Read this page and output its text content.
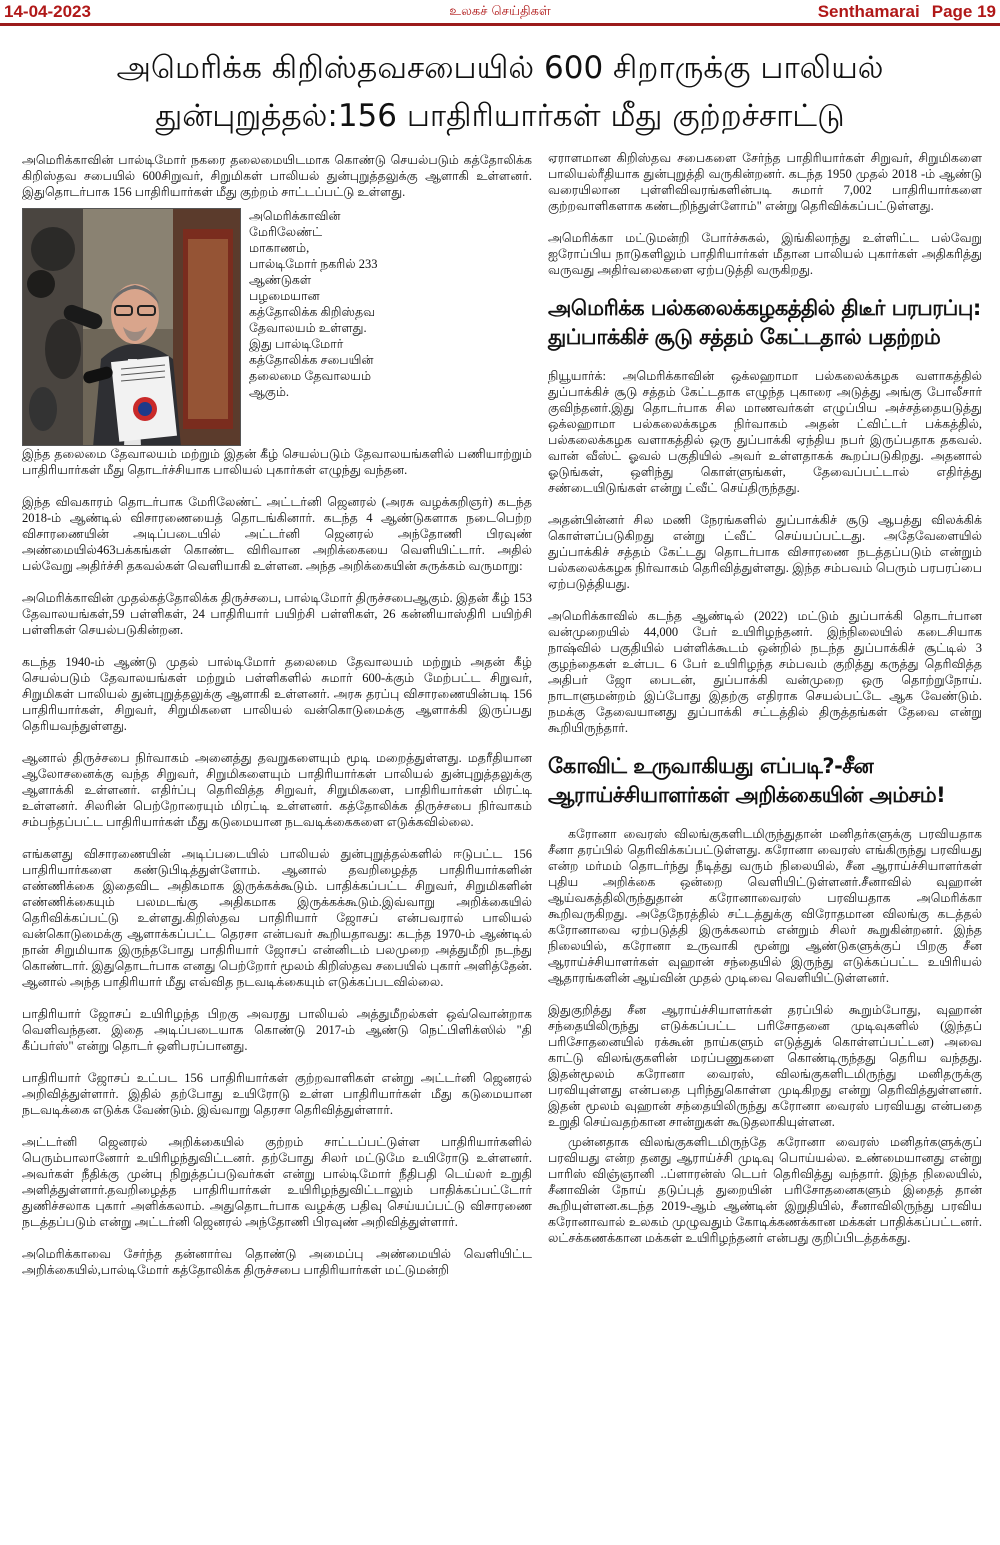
14-04-2023	உலகச் செய்திகள்	Senthamarai Page 19
அமெரிக்க கிறிஸ்தவசபையில் 600 சிறாருக்கு பாலியல்
துன்புறுத்தல்:156 பாதிரியார்கள் மீது குற்றச்சாட்டு

அமெரிக்காவின் பால்டிமோர் நகரை தலைமையிடமாக கொண்டு செயல்படும் கத்தோலிக்க கிறிஸ்தவ சபையில் 600சிறுவர், சிறுமிகள் பாலியல் துன்புறுத்தலுக்கு ஆளாகி உள்ளனர். இதுதொடர்பாக 156 பாதிரியார்கள் மீது குற்றம் சாட்டப்பட்டு உள்ளது.

அமெரிக்காவின் மேரிலேண்ட் மாகாணம், பால்டிமோர் நகரில் 233 ஆண்டுகள் பழமையான கத்தோலிக்க கிறிஸ்தவ தேவாலயம் உள்ளது. இது பால்டிமோர் கத்தோலிக்க சபையின் தலைமை தேவாலயம் ஆகும்.

இந்த தலைமை தேவாலயம் மற்றும் இதன் கீழ் செயல்படும் தேவாலயங்களில் பணியாற்றும் பாதிரியார்கள் மீது தொடர்ச்சியாக பாலியல் புகார்கள் எழுந்து வந்தன.

இந்த விவகாரம் தொடர்பாக மேரிலேண்ட் அட்டர்னி ஜெனரல் (அரசு வழக்கறிஞர்) கடந்த 2018-ம் ஆண்டில் விசாரணையைத் தொடங்கினார். கடந்த 4 ஆண்டுகளாக நடைபெற்ற விசாரணையின் அடிப்படையில் அட்டர்னி ஜெனரல் அந்தோணி பிரவுண் அண்மையில்463பக்கங்கள் கொண்ட விரிவான அறிக்கையை வெளியிட்டார். அதில் பல்வேறு அதிர்ச்சி தகவல்கள் வெளியாகி உள்ளன. அந்த அறிக்கையின் சுருக்கம் வருமாறு:

அமெரிக்காவின் முதல்கத்தோலிக்க திருச்சபை, பால்டிமோர் திருச்சபைஆகும். இதன் கீழ் 153 தேவாலயங்கள்,59 பள்ளிகள், 24 பாதிரியார் பயிற்சி பள்ளிகள், 26 கன்னியாஸ்திரி பயிற்சி பள்ளிகள் செயல்படுகின்றன.

கடந்த 1940-ம் ஆண்டு முதல் பால்டிமோர் தலைமை தேவாலயம் மற்றும் அதன் கீழ் செயல்படும் தேவாலயங்கள் மற்றும் பள்ளிகளில் சுமார் 600-க்கும் மேற்பட்ட சிறுவர், சிறுமிகள் பாலியல் துன்புறுத்தலுக்கு ஆளாகி உள்ளனர். அரசு தரப்பு விசாரணையின்படி 156 பாதிரியார்கள், சிறுவர், சிறுமிகளை பாலியல் வன்கொடுமைக்கு ஆளாக்கி இருப்பது தெரியவந்துள்ளது.

ஆனால் திருச்சபை நிர்வாகம் அனைத்து தவறுகளையும் மூடி மறைத்துள்ளது. மதரீதியான ஆலோசனைக்கு வந்த சிறுவர், சிறுமிகளையும் பாதிரியார்கள் பாலியல் துன்புறுத்தலுக்கு ஆளாக்கி உள்ளனர். எதிர்ப்பு தெரிவித்த சிறுவர், சிறுமிகளை, பாதிரியார்கள் மிரட்டி உள்ளனர். சிலரின் பெற்றோரையும் மிரட்டி உள்ளனர். கத்தோலிக்க திருச்சபை நிர்வாகம் சம்பந்தப்பட்ட பாதிரியார்கள் மீது கடுமையான நடவடிக்கைகளை எடுக்கவில்லை.

எங்களது விசாரணையின் அடிப்படையில் பாலியல் துன்புறுத்தல்களில் ஈடுபட்ட 156 பாதிரியார்களை கண்டுபிடித்துள்ளோம். ஆனால் தவறிழைத்த பாதிரியார்களின் எண்ணிக்கை இதைவிட அதிகமாக இருக்கக்கூடும். பாதிக்கப்பட்ட சிறுவர், சிறுமிகளின் எண்ணிக்கையும் பலமடங்கு அதிகமாக இருக்கக்கூடும்.இவ்வாறு அறிக்கையில் தெரிவிக்கப்பட்டு உள்ளது.கிறிஸ்தவ பாதிரியார் ஜோசப் என்பவரால் பாலியல் வன்கொடுமைக்கு ஆளாக்கப்பட்ட தெரசா என்பவர் கூறியதாவது: கடந்த 1970-ம் ஆண்டில் நான் சிறுமியாக இருந்தபோது பாதிரியார் ஜோசப் என்னிடம் பலமுறை அத்துமீறி நடந்து கொண்டார். இதுதொடர்பாக எனது பெற்றோர் மூலம் கிறிஸ்தவ சபையில் புகார் அளித்தேன். ஆனால் அந்த பாதிரியார் மீது எவ்வித நடவடிக்கையும் எடுக்கப்படவில்லை.

பாதிரியார் ஜோசப் உயிரிழந்த பிறகு அவரது பாலியல் அத்துமீறல்கள் ஒவ்வொன்றாக வெளிவந்தன. இதை அடிப்படையாக கொண்டு 2017-ம் ஆண்டு நெட்பிளிக்ஸில் "தி கீப்பர்ஸ்" என்று தொடர் ஒளிபரப்பானது.

பாதிரியார் ஜோசப் உட்பட 156 பாதிரியார்கள் குற்றவாளிகள் என்று அட்டர்னி ஜெனரல் அறிவித்துள்ளார். இதில் தற்போது உயிரோடு உள்ள பாதிரியார்கள் மீது கடுமையான நடவடிக்கை எடுக்க வேண்டும். இவ்வாறு தெரசா தெரிவித்துள்ளார்.

அட்டர்னி ஜெனரல் அறிக்கையில் குற்றம் சாட்டப்பட்டுள்ள பாதிரியார்களில் பெரும்பாலானோர் உயிரிழந்துவிட்டனர். தற்போது சிலர் மட்டுமே உயிரோடு உள்ளனர். அவர்கள் நீதிக்கு முன்பு நிறுத்தப்படுவர்கள் என்று பால்டிமோர் நீதிபதி டெய்லர் உறுதி அளித்துள்ளார்.தவறிழைத்த பாதிரியார்கள் உயிரிழந்துவிட்டாலும் பாதிக்கப்பட்டோர் துணிச்சலாக புகார் அளிக்கலாம். அதுதொடர்பாக வழக்கு பதிவு செய்யப்பட்டு விசாரணை நடத்தப்படும் என்று அட்டர்னி ஜெனரல் அந்தோணி பிரவுண் அறிவித்துள்ளார்.

அமெரிக்காவை சேர்ந்த தன்னார்வ தொண்டு அமைப்பு அண்மையில் வெளியிட்ட அறிக்கையில்,பால்டிமோர் கத்தோலிக்க திருச்சபை பாதிரியார்கள் மட்டுமன்றி

ஏராளமான கிறிஸ்தவ சபைகளை சேர்ந்த பாதிரியார்கள் சிறுவர், சிறுமிகளை பாலியல்ரீதியாக துன்புறுத்தி வருகின்றனர். கடந்த 1950 முதல் 2018 -ம் ஆண்டு வரையிலான புள்ளிவிவரங்களின்படி சுமார் 7,002 பாதிரியார்களை குற்றவாளிகளாக கண்டறிந்துள்ளோம்" என்று தெரிவிக்கப்பட்டுள்ளது.

அமெரிக்கா மட்டுமன்றி போர்ச்சுகல், இங்கிலாந்து உள்ளிட்ட பல்வேறு ஐரோப்பிய நாடுகளிலும் பாதிரியார்கள் மீதான பாலியல் புகார்கள் அதிகரித்து வருவது அதிர்வலைகளை ஏற்படுத்தி வருகிறது.

அமெரிக்க பல்கலைக்கழகத்தில் திடீர் பரபரப்பு: துப்பாக்கிச் சூடு சத்தம் கேட்டதால் பதற்றம்

நியூயார்க்: அமெரிக்காவின் ஒக்லஹாமா பல்கலைக்கழக வளாகத்தில் துப்பாக்கிச் சூடு சத்தம் கேட்டதாக எழுந்த புகாரை அடுத்து அங்கு போலீசார் குவிந்தனர்.இது தொடர்பாக சில மாணவர்கள் எழுப்பிய அச்சத்தையடுத்து ஒக்லஹாமா பல்கலைக்கழக நிர்வாகம் அதன் ட்விட்டர் பக்கத்தில், பல்கலைக்கழக வளாகத்தில் ஒரு துப்பாக்கி ஏந்திய நபர் இருப்பதாக தகவல். வான் வீஸ்ட் ஓவல் பகுதியில் அவர் உள்ளதாகக் கூறப்படுகிறது. அதனால் ஓடுங்கள், ஒளிந்து கொள்ளுங்கள், தேவைப்பட்டால் எதிர்த்து சண்டையிடுங்கள் என்று ட்வீட் செய்திருந்தது.

அதன்பின்னர் சில மணி நேரங்களில் துப்பாக்கிச் சூடு ஆபத்து விலக்கிக் கொள்ளப்படுகிறது என்று ட்வீட் செய்யப்பட்டது. அதேவேளையில் துப்பாக்கிச் சத்தம் கேட்டது தொடர்பாக விசாரணை நடத்தப்படும் என்றும் பல்கலைக்கழக நிர்வாகம் தெரிவித்துள்ளது. இந்த சம்பவம் பெரும் பரபரப்பை ஏற்படுத்தியது.

அமெரிக்காவில் கடந்த ஆண்டில் (2022) மட்டும் துப்பாக்கி தொடர்பான வன்முறையில் 44,000 பேர் உயிரிழந்தனர். இந்நிலையில் கடைசியாக நாஷ்வில் பகுதியில் பள்ளிக்கூடம் ஒன்றில் நடந்த துப்பாக்கிச் சூட்டில் 3 குழந்தைகள் உள்பட 6 பேர் உயிரிழந்த சம்பவம் குறித்து கருத்து தெரிவித்த அதிபர் ஜோ பைடன், துப்பாக்கி வன்முறை ஒரு தொற்றுநோய். நாடாளுமன்றம் இப்போது இதற்கு எதிராக செயல்பட்டே ஆக வேண்டும். நமக்கு தேவையானது துப்பாக்கி சட்டத்தில் திருத்தங்கள் தேவை என்று கூறியிருந்தார்.

கோவிட் உருவாகியது எப்படி?-சீன ஆராய்ச்சியாளர்கள் அறிக்கையின் அம்சம்!

கரோனா வைரஸ் விலங்குகளிடமிருந்துதான் மனிதர்களுக்கு பரவியதாக சீனா தரப்பில் தெரிவிக்கப்பட்டுள்ளது. கரோனா வைரஸ் எங்கிருந்து பரவியது என்ற மர்மம் தொடர்ந்து நீடித்து வரும் நிலையில், சீன ஆராய்ச்சியாளர்கள் புதிய அறிக்கை ஒன்றை வெளியிட்டுள்ளனர்.சீனாவில் வுஹான் ஆய்வகத்திலிருந்துதான் கரோனாவைரஸ் பரவியதாக அமெரிக்கா கூறிவருகிறது. அதேநேரத்தில் சட்டத்துக்கு விரோதமான விலங்கு கடத்தல் கரோனாவை ஏற்படுத்தி இருக்கலாம் என்றும் சிலர் கூறுகின்றனர். இந்த நிலையில், கரோனா உருவாகி மூன்று ஆண்டுகளுக்குப் பிறகு சீன ஆராய்ச்சியாளர்கள் வுஹான் சந்தையில் இருந்து எடுக்கப்பட்ட உயிரியல் ஆதாரங்களின் ஆய்வின் முதல் முடிவை வெளியிட்டுள்ளனர்.

இதுகுறித்து சீன ஆராய்ச்சியாளர்கள் தரப்பில் கூறும்போது, வுஹான் சந்தையிலிருந்து எடுக்கப்பட்ட பரிசோதனை முடிவுகளில் (இந்தப் பரிசோதனையில் ரக்கூன் நாய்களும் எடுத்துக் கொள்ளப்பட்டன) அவை காட்டு விலங்குகளின் மரப்பணுகளை கொண்டிருந்தது தெரிய வந்தது. இதன்மூலம் கரோனா வைரஸ், விலங்குகளிடமிருந்து மனிதருக்கு பரவியுள்ளது என்பதை புரிந்துகொள்ள முடிகிறது என்று தெரிவித்துள்ளனர். இதன் மூலம் வுஹான் சந்தையிலிருந்து கரோனா வைரஸ் பரவியது என்பதை உறுதி செய்வதற்கான சான்றுகள் கூடுதலாகியுள்ளன.

முன்னதாக விலங்குகளிடமிருந்தே கரோனா வைரஸ் மனிதர்களுக்குப் பரவியது என்ற தனது ஆராய்ச்சி முடிவு பொய்யல்ல. உண்மையானது என்று பாரிஸ் விஞ்ஞானி ..ப்ளாரன்ஸ் டெபர் தெரிவித்து வந்தார். இந்த நிலையில், சீனாவின் நோய் தடுப்புத் துறையின் பரிசோதனைகளும் இதைத் தான் கூறியுள்ளன.கடந்த 2019-ஆம் ஆண்டின் இறுதியில், சீனாவிலிருந்து பரவிய கரோனாவால் உலகம் முழுவதும் கோடிக்கணக்கான மக்கள் பாதிக்கப்பட்டனர். லட்சக்கணக்கான மக்கள் உயிரிழந்தனர் என்பது குறிப்பிடத்தக்கது.
